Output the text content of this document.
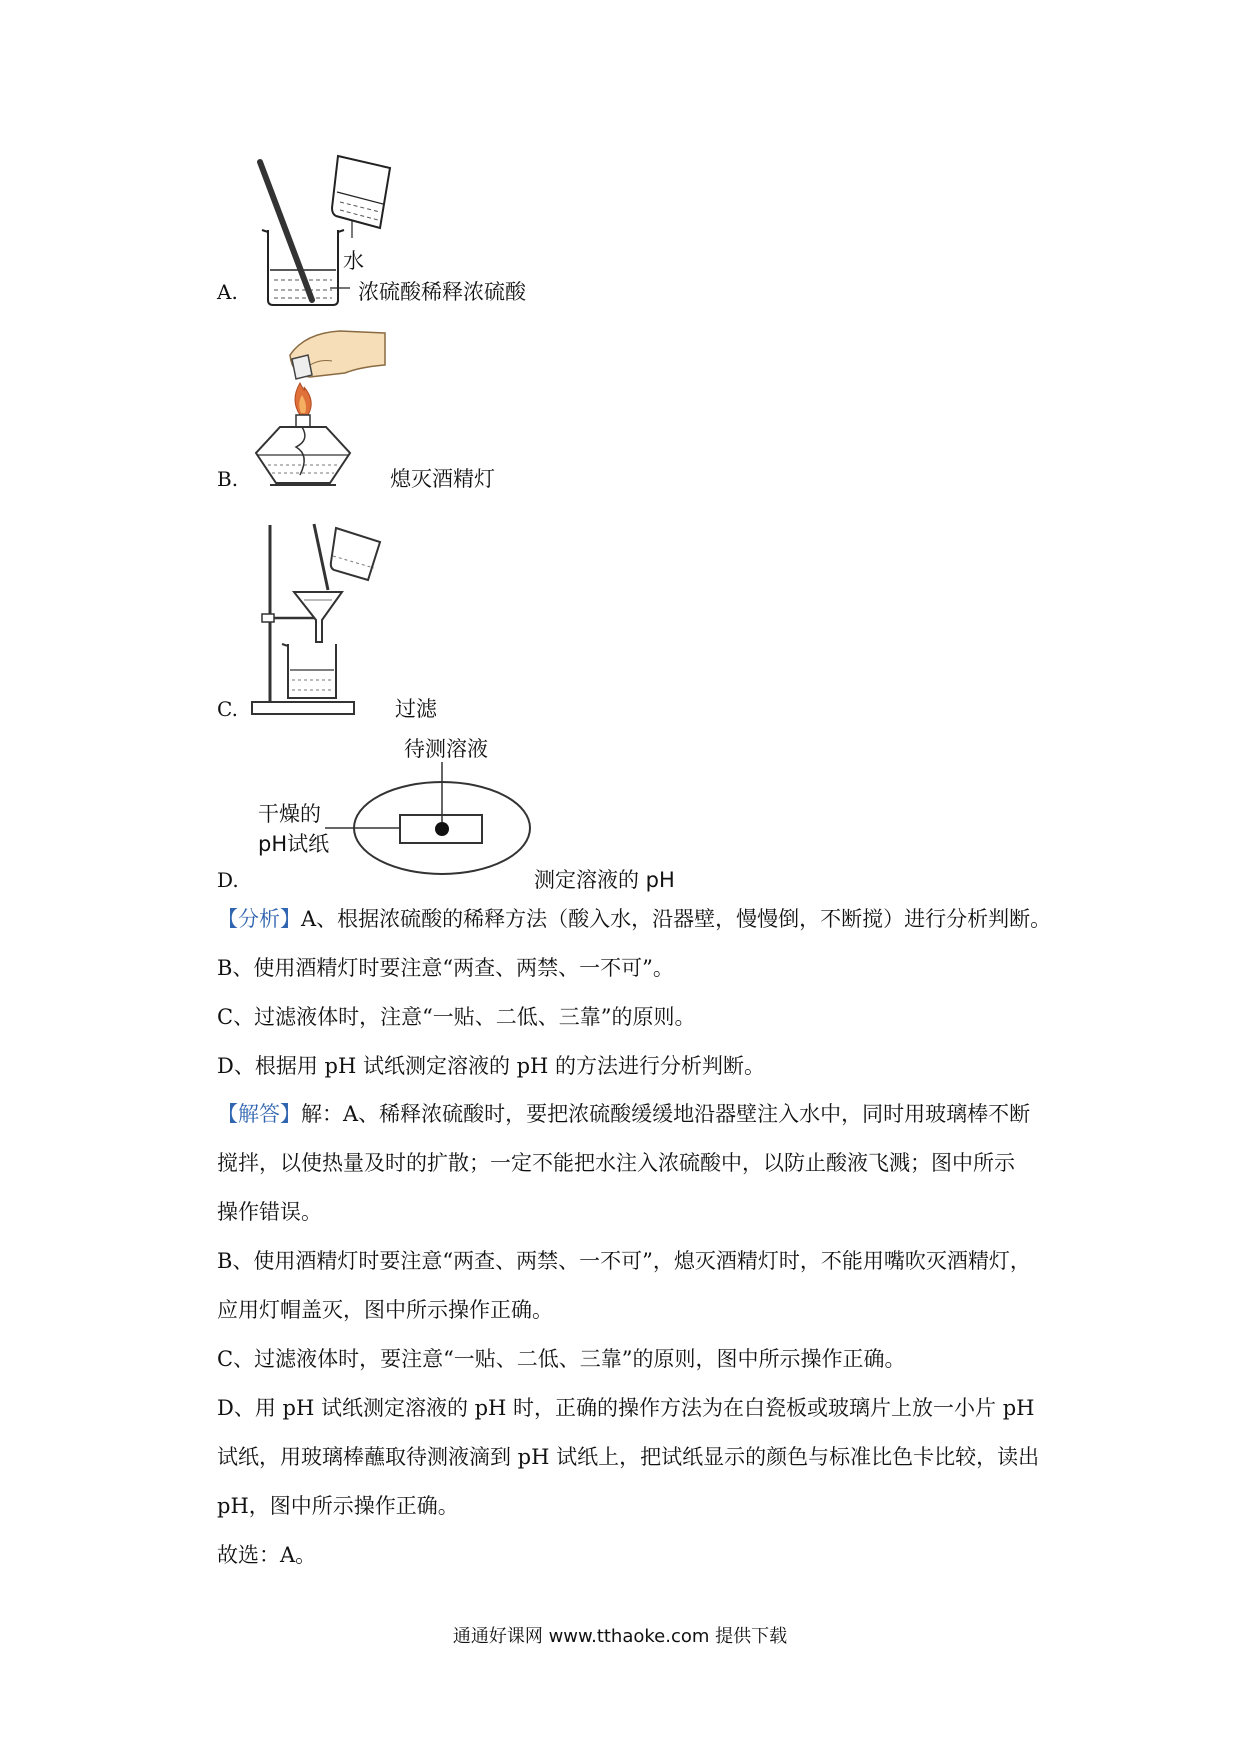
水
浓硫酸稀释浓硫酸
A.
B.	熄灭酒精灯
C.	过滤
待测溶液
干燥的
pH试纸
D.	测定溶液的 pH

【分析】A、根据浓硫酸的稀释方法（酸入水，沿器壁，慢慢倒，不断搅）进行分析判断。

B、使用酒精灯时要注意“两查、两禁、一不可”。

C、过滤液体时，注意“一贴、二低、三靠”的原则。

D、根据用 pH 试纸测定溶液的 pH 的方法进行分析判断。

【解答】解：A、稀释浓硫酸时，要把浓硫酸缓缓地沿器壁注入水中，同时用玻璃棒不断

搅拌，以使热量及时的扩散；一定不能把水注入浓硫酸中，以防止酸液飞溅；图中所示

操作错误。

B、使用酒精灯时要注意“两查、两禁、一不可”，熄灭酒精灯时，不能用嘴吹灭酒精灯，

应用灯帽盖灭，图中所示操作正确。

C、过滤液体时，要注意“一贴、二低、三靠”的原则，图中所示操作正确。

D、用 pH 试纸测定溶液的 pH 时，正确的操作方法为在白瓷板或玻璃片上放一小片 pH

试纸，用玻璃棒蘸取待测液滴到 pH 试纸上，把试纸显示的颜色与标准比色卡比较，读出

pH，图中所示操作正确。

故选：A。

通通好课网 www.tthaoke.com 提供下载
